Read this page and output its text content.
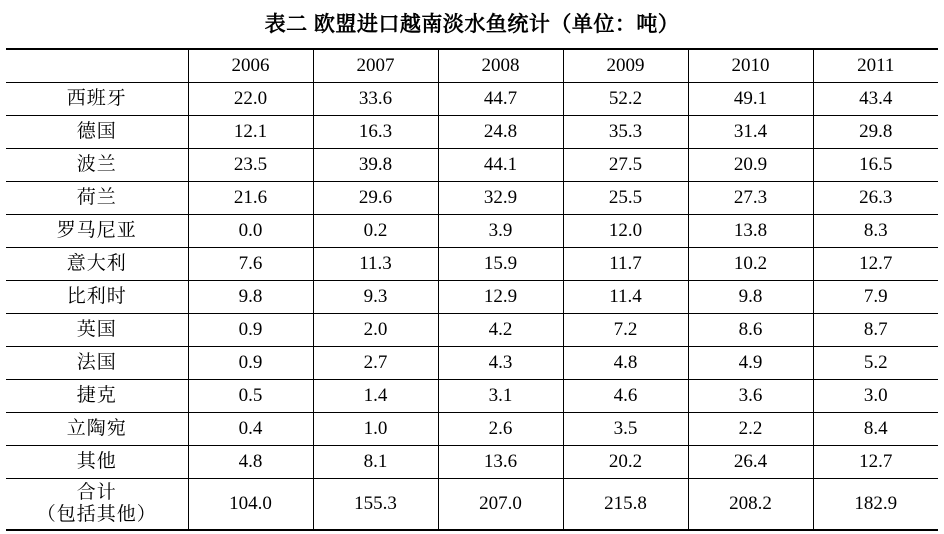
表二 欧盟进口越南淡水鱼统计（单位：吨）
	2006	2007	2008	2009	2010	2011
西班牙	22.0	33.6	44.7	52.2	49.1	43.4
德国	12.1	16.3	24.8	35.3	31.4	29.8
波兰	23.5	39.8	44.1	27.5	20.9	16.5
荷兰	21.6	29.6	32.9	25.5	27.3	26.3
罗马尼亚	0.0	0.2	3.9	12.0	13.8	8.3
意大利	7.6	11.3	15.9	11.7	10.2	12.7
比利时	9.8	9.3	12.9	11.4	9.8	7.9
英国	0.9	2.0	4.2	7.2	8.6	8.7
法国	0.9	2.7	4.3	4.8	4.9	5.2
捷克	0.5	1.4	3.1	4.6	3.6	3.0
立陶宛	0.4	1.0	2.6	3.5	2.2	8.4
其他	4.8	8.1	13.6	20.2	26.4	12.7
合计
（包括其他）	104.0	155.3	207.0	215.8	208.2	182.9
